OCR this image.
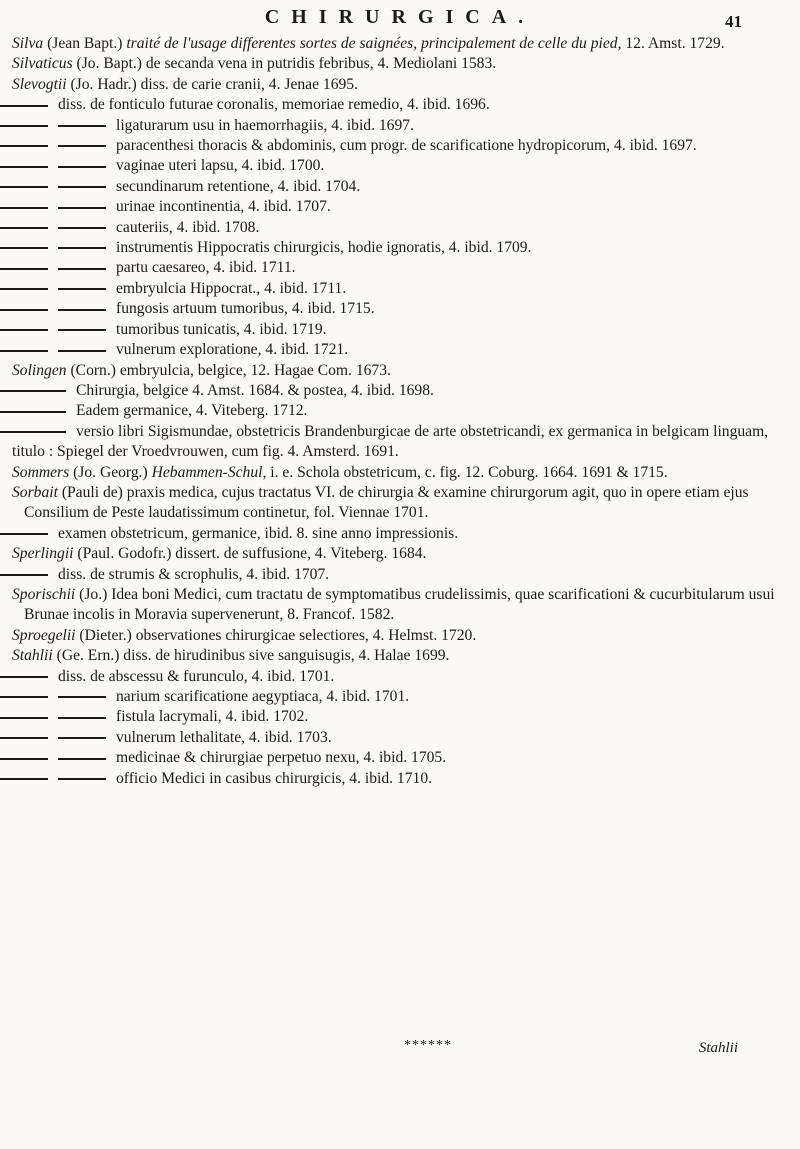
CHIRURGICA.	41

Silva (Jean Bapt.) traité de l'usage differentes sortes de saignées, principalement de celle du pied, 12. Amst. 1729.

Silvaticus (Jo. Bapt.) de secanda vena in putridis febribus, 4. Mediolani 1583.

Slevogtii (Jo. Hadr.) diss. de carie cranii, 4. Jenae 1695.

diss. de fonticulo futurae coronalis, memoriae remedio, 4. ibid. 1696.

ligaturarum usu in haemorrhagiis, 4. ibid. 1697.

paracenthesi thoracis & abdominis, cum progr. de scarificatione hydropicorum, 4. ibid. 1697.

vaginae uteri lapsu, 4. ibid. 1700.

secundinarum retentione, 4. ibid. 1704.

urinae incontinentia, 4. ibid. 1707.

cauteriis, 4. ibid. 1708.

instrumentis Hippocratis chirurgicis, hodie ignoratis, 4. ibid. 1709.

partu caesareo, 4. ibid. 1711.

embryulcia Hippocrat., 4. ibid. 1711.

fungosis artuum tumoribus, 4. ibid. 1715.

tumoribus tunicatis, 4. ibid. 1719.

vulnerum exploratione, 4. ibid. 1721.

Solingen (Corn.) embryulcia, belgice, 12. Hagae Com. 1673.

Chirurgia, belgice 4. Amst. 1684. & postea, 4. ibid. 1698.

Eadem germanice, 4. Viteberg. 1712.

versio libri Sigismundae, obstetricis Brandenburgicae de arte obstetricandi, ex germanica in belgicam linguam, titulo : Spiegel der Vroedvrouwen, cum fig. 4. Amsterd. 1691.

Sommers (Jo. Georg.) Hebammen-Schul, i. e. Schola obstetricum, c. fig. 12. Coburg. 1664. 1691 & 1715.

Sorbait (Pauli de) praxis medica, cujus tractatus VI. de chirurgia & examine chirurgorum agit, quo in opere etiam ejus Consilium de Peste laudatissimum continetur, fol. Viennae 1701.

examen obstetricum, germanice, ibid. 8. sine anno impressionis.

Sperlingii (Paul. Godofr.) dissert. de suffusione, 4. Viteberg. 1684.

diss. de strumis & scrophulis, 4. ibid. 1707.

Sporischii (Jo.) Idea boni Medici, cum tractatu de symptomatibus crudelissimis, quae scarificationi & cucurbitularum usui Brunae incolis in Moravia supervenerunt, 8. Francof. 1582.

Sproegelii (Dieter.) observationes chirurgicae selectiores, 4. Helmst. 1720.

Stahlii (Ge. Ern.) diss. de hirudinibus sive sanguisugis, 4. Halae 1699.

diss. de abscessu & furunculo, 4. ibid. 1701.

narium scarificatione aegyptiaca, 4. ibid. 1701.

fistula lacrymali, 4. ibid. 1702.

vulnerum lethalitate, 4. ibid. 1703.

medicinae & chirurgiae perpetuo nexu, 4. ibid. 1705.

officio Medici in casibus chirurgicis, 4. ibid. 1710.

******	Stahlii
